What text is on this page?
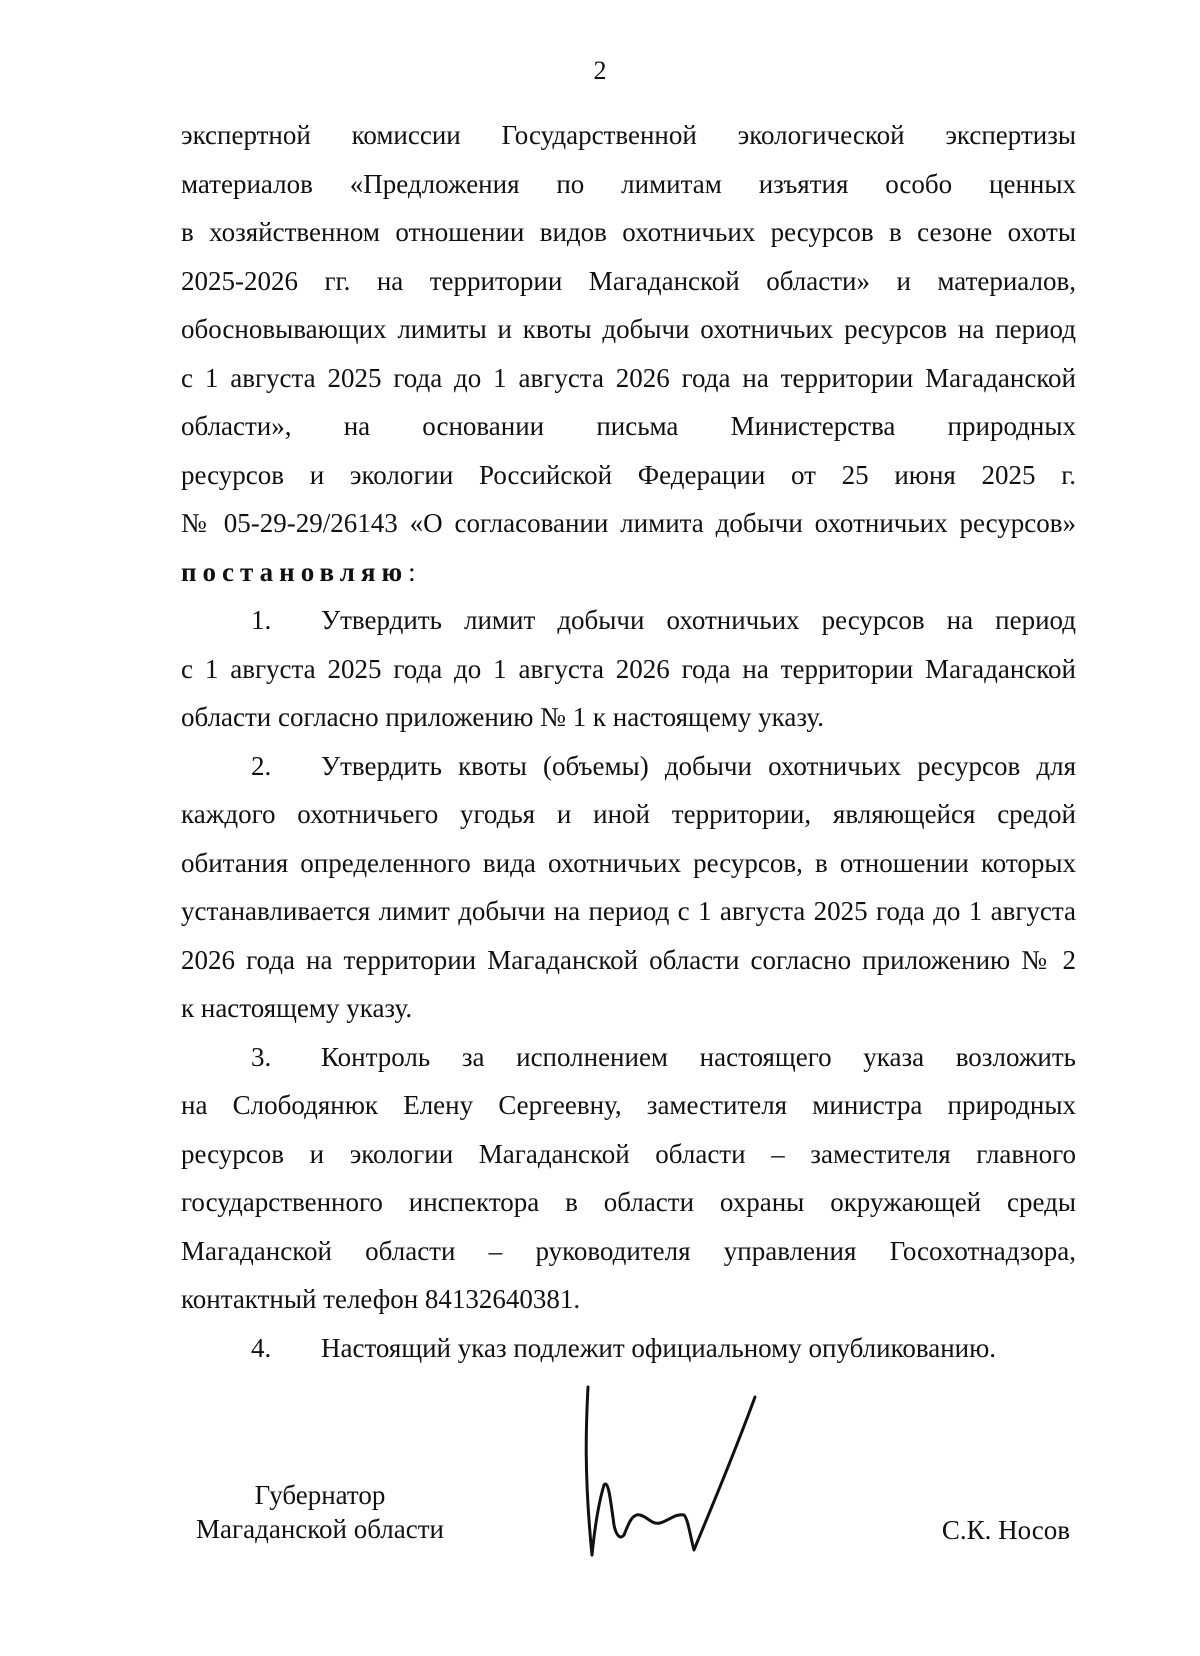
2
экспертной комиссии Государственной экологической экспертизы
материалов «Предложения по лимитам изъятия особо ценных
в хозяйственном отношении видов охотничьих ресурсов в сезоне охоты
2025-2026 гг. на территории Магаданской области» и материалов,
обосновывающих лимиты и квоты добычи охотничьих ресурсов на период
с 1 августа 2025 года до 1 августа 2026 года на территории Магаданской
области», на основании письма Министерства природных
ресурсов и экологии Российской Федерации от 25 июня 2025 г.
№ 05-29-29/26143 «О согласовании лимита добычи охотничьих ресурсов»
постановляю:
1.	Утвердить лимит добычи охотничьих ресурсов на период
с 1 августа 2025 года до 1 августа 2026 года на территории Магаданской
области согласно приложению № 1 к настоящему указу.
2.	Утвердить квоты (объемы) добычи охотничьих ресурсов для
каждого охотничьего угодья и иной территории, являющейся средой
обитания определенного вида охотничьих ресурсов, в отношении которых
устанавливается лимит добычи на период с 1 августа 2025 года до 1 августа
2026 года на территории Магаданской области согласно приложению № 2
к настоящему указу.
3.	Контроль за исполнением настоящего указа возложить
на Слободянюк Елену Сергеевну, заместителя министра природных
ресурсов и экологии Магаданской области – заместителя главного
государственного инспектора в области охраны окружающей среды
Магаданской области – руководителя управления Госохотнадзора,
контактный телефон 84132640381.
4.	Настоящий указ подлежит официальному опубликованию.
Губернатор
Магаданской области	С.К. Носов
